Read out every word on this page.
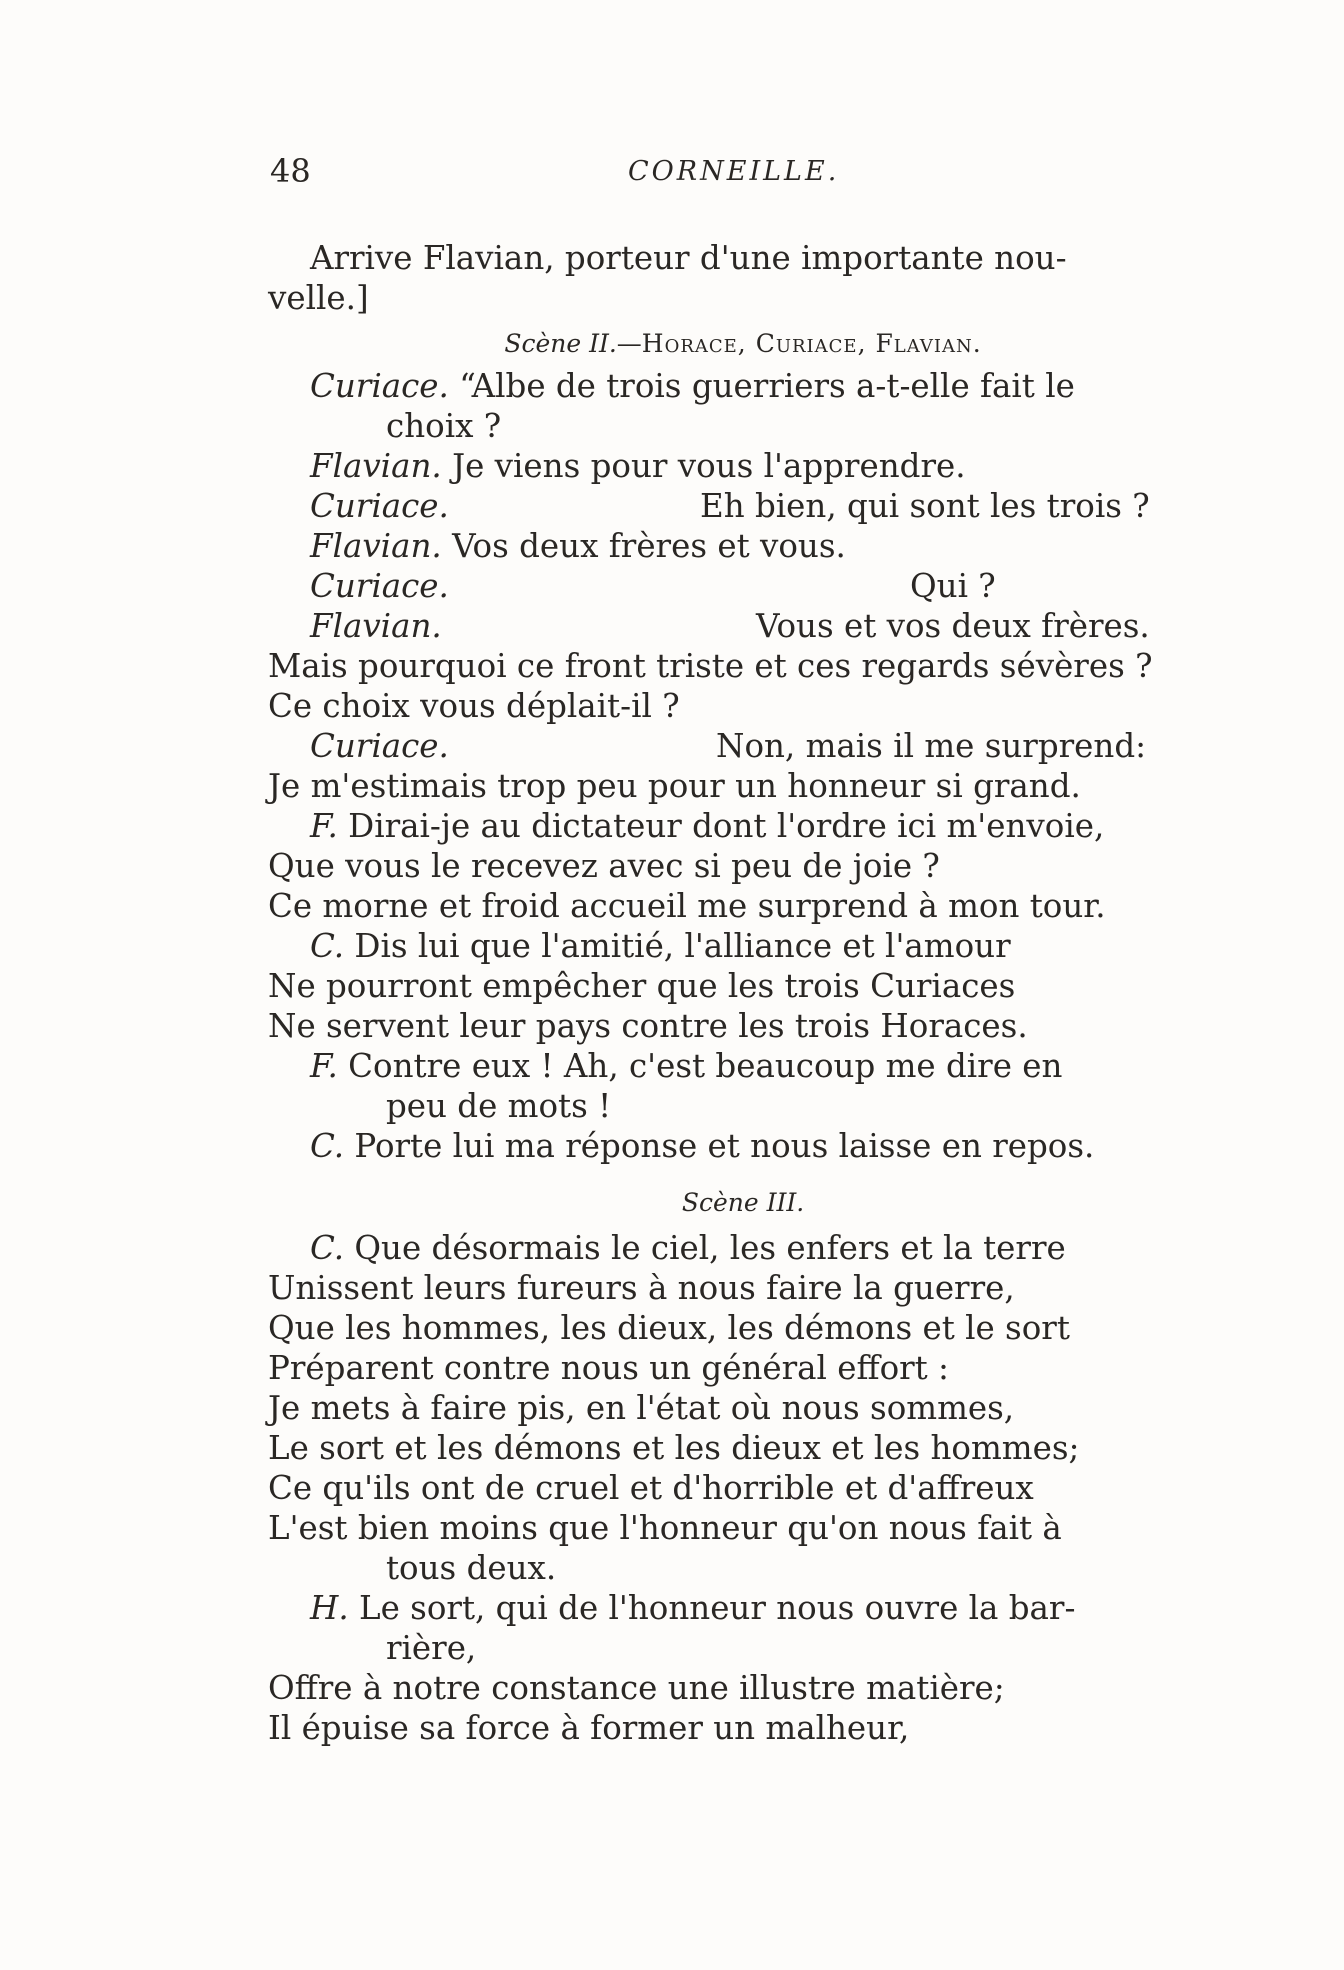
48	CORNEILLE.
Arrive Flavian, porteur d'une importante nou-
velle.]
Scène II.—Horace, Curiace, Flavian.
Curiace. “Albe de trois guerriers a-t-elle fait le
choix ?
Flavian. Je viens pour vous l'apprendre.
Curiace.	Eh bien, qui sont les trois ?
Flavian. Vos deux frères et vous.
Curiace.	Qui ?
Flavian.	Vous et vos deux frères.
Mais pourquoi ce front triste et ces regards sévères ?
Ce choix vous déplait-il ?
Curiace.	Non, mais il me surprend:
Je m'estimais trop peu pour un honneur si grand.
F. Dirai-je au dictateur dont l'ordre ici m'envoie,
Que vous le recevez avec si peu de joie ?
Ce morne et froid accueil me surprend à mon tour.
C. Dis lui que l'amitié, l'alliance et l'amour
Ne pourront empêcher que les trois Curiaces
Ne servent leur pays contre les trois Horaces.
F. Contre eux ! Ah, c'est beaucoup me dire en
peu de mots !
C. Porte lui ma réponse et nous laisse en repos.
Scène III.
C. Que désormais le ciel, les enfers et la terre
Unissent leurs fureurs à nous faire la guerre,
Que les hommes, les dieux, les démons et le sort
Préparent contre nous un général effort :
Je mets à faire pis, en l'état où nous sommes,
Le sort et les démons et les dieux et les hommes;
Ce qu'ils ont de cruel et d'horrible et d'affreux
L'est bien moins que l'honneur qu'on nous fait à
tous deux.
H. Le sort, qui de l'honneur nous ouvre la bar-
rière,
Offre à notre constance une illustre matière;
Il épuise sa force à former un malheur,
